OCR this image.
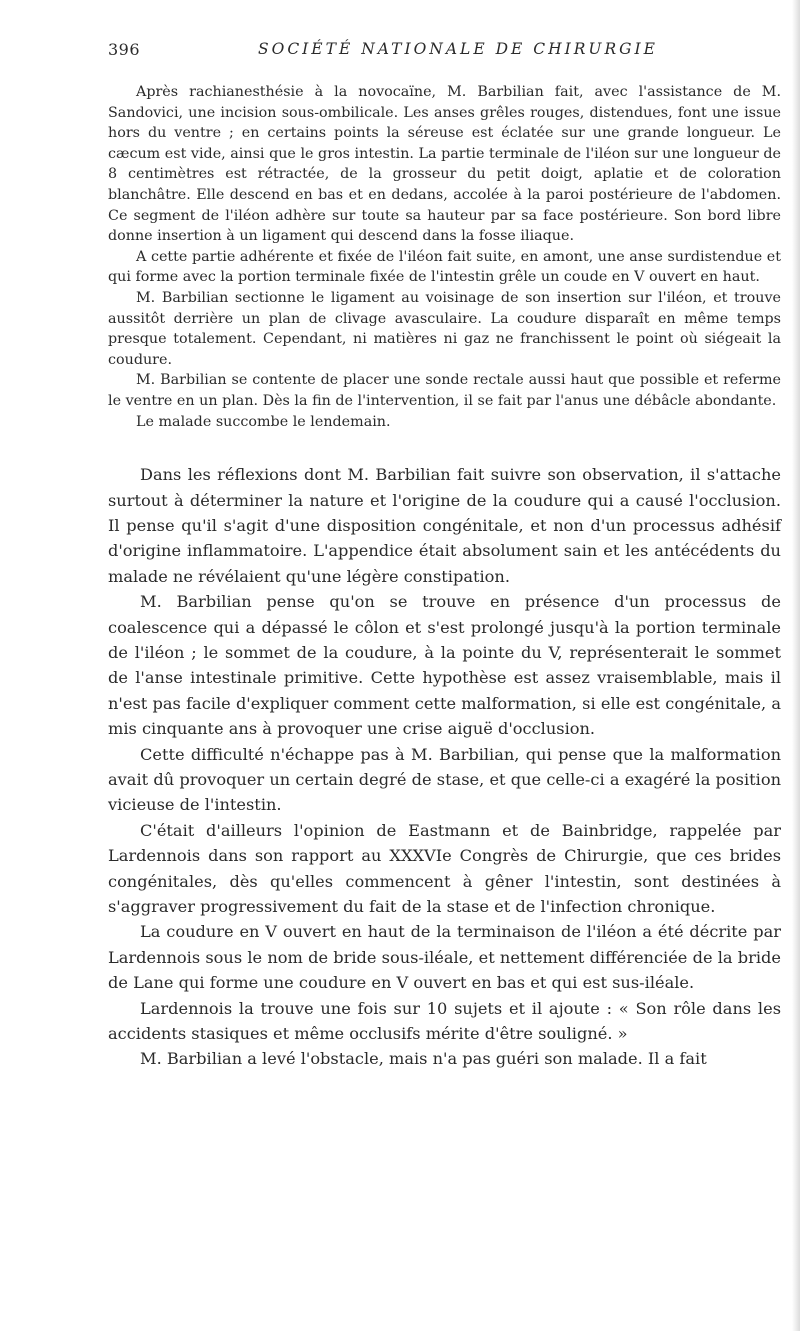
396	SOCIÉTÉ NATIONALE DE CHIRURGIE

Après rachianesthésie à la novocaïne, M. Barbilian fait, avec l'assistance de M. Sandovici, une incision sous-ombilicale. Les anses grêles rouges, distendues, font une issue hors du ventre ; en certains points la séreuse est éclatée sur une grande longueur. Le cæcum est vide, ainsi que le gros intestin. La partie terminale de l'iléon sur une longueur de 8 centimètres est rétractée, de la grosseur du petit doigt, aplatie et de coloration blanchâtre. Elle descend en bas et en dedans, accolée à la paroi postérieure de l'abdomen. Ce segment de l'iléon adhère sur toute sa hauteur par sa face postérieure. Son bord libre donne insertion à un ligament qui descend dans la fosse iliaque.

A cette partie adhérente et fixée de l'iléon fait suite, en amont, une anse surdistendue et qui forme avec la portion terminale fixée de l'intestin grêle un coude en V ouvert en haut.

M. Barbilian sectionne le ligament au voisinage de son insertion sur l'iléon, et trouve aussitôt derrière un plan de clivage avasculaire. La coudure disparaît en même temps presque totalement. Cependant, ni matières ni gaz ne franchissent le point où siégeait la coudure.

M. Barbilian se contente de placer une sonde rectale aussi haut que possible et referme le ventre en un plan. Dès la fin de l'intervention, il se fait par l'anus une débâcle abondante.

Le malade succombe le lendemain.

Dans les réflexions dont M. Barbilian fait suivre son observation, il s'attache surtout à déterminer la nature et l'origine de la coudure qui a causé l'occlusion. Il pense qu'il s'agit d'une disposition congénitale, et non d'un processus adhésif d'origine inflammatoire. L'appendice était absolument sain et les antécédents du malade ne révélaient qu'une légère constipation.

M. Barbilian pense qu'on se trouve en présence d'un processus de coalescence qui a dépassé le côlon et s'est prolongé jusqu'à la portion terminale de l'iléon ; le sommet de la coudure, à la pointe du V, représenterait le sommet de l'anse intestinale primitive. Cette hypothèse est assez vraisemblable, mais il n'est pas facile d'expliquer comment cette malformation, si elle est congénitale, a mis cinquante ans à provoquer une crise aiguë d'occlusion.

Cette difficulté n'échappe pas à M. Barbilian, qui pense que la malformation avait dû provoquer un certain degré de stase, et que celle-ci a exagéré la position vicieuse de l'intestin.

C'était d'ailleurs l'opinion de Eastmann et de Bainbridge, rappelée par Lardennois dans son rapport au XXXVIe Congrès de Chirurgie, que ces brides congénitales, dès qu'elles commencent à gêner l'intestin, sont destinées à s'aggraver progressivement du fait de la stase et de l'infection chronique.

La coudure en V ouvert en haut de la terminaison de l'iléon a été décrite par Lardennois sous le nom de bride sous-iléale, et nettement différenciée de la bride de Lane qui forme une coudure en V ouvert en bas et qui est sus-iléale.

Lardennois la trouve une fois sur 10 sujets et il ajoute : « Son rôle dans les accidents stasiques et même occlusifs mérite d'être souligné. »

M. Barbilian a levé l'obstacle, mais n'a pas guéri son malade. Il a fait
